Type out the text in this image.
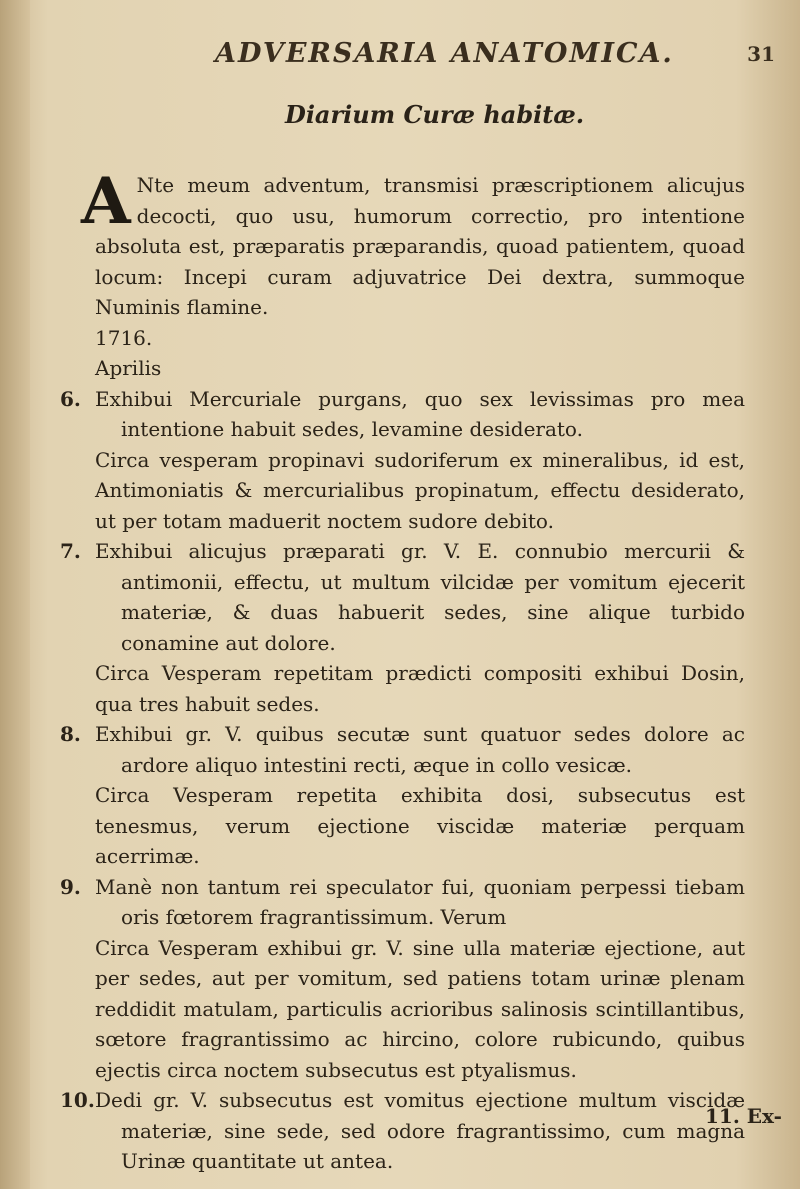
ADVERSARIA ANATOMICA.	31
Diarium Curæ habitæ.
A Nte meum adventum, transmisi præscriptionem alicujus decocti, quo usu, humorum correctio, pro intentione absoluta est, præparatis præparandis, quoad patientem, quoad locum: Incepi curam adjuvatrice Dei dextra, summoque Numinis flamine.
1716.
Aprilis
6. Exhibui Mercuriale purgans, quo sex levissimas pro mea intentione habuit sedes, levamine desiderato.
Circa vesperam propinavi sudoriferum ex mineralibus, id est, Antimoniatis & mercurialibus propinatum, effectu desiderato, ut per totam maduerit noctem sudore debito.
7. Exhibui alicujus præparati gr. V. E. connubio mercurii & antimonii, effectu, ut multum vilcidæ per vomitum ejecerit materiæ, & duas habuerit sedes, sine alique turbido conamine aut dolore.
Circa Vesperam repetitam prædicti compositi exhibui Dosin, qua tres habuit sedes.
8. Exhibui gr. V. quibus secutæ sunt quatuor sedes dolore ac ardore aliquo intestini recti, æque in collo vesicæ.
Circa Vesperam repetita exhibita dosi, subsecutus est tenesmus, verum ejectione viscidæ materiæ perquam acerrimæ.
9. Manè non tantum rei speculator fui, quoniam perpessi tiebam oris fœtorem fragrantissimum. Verum
Circa Vesperam exhibui gr. V. sine ulla materiæ ejectione, aut per sedes, aut per vomitum, sed patiens totam urinæ plenam reddidit matulam, particulis acrioribus salinosis scintillantibus, sœtore fragrantissimo ac hircino, colore rubicundo, quibus ejectis circa noctem subsecutus est ptyalismus.
10. Dedi gr. V. subsecutus est vomitus ejectione multum viscidæ materiæ, sine sede, sed odore fragrantissimo, cum magna Urinæ quantitate ut antea.
11. Ex-
